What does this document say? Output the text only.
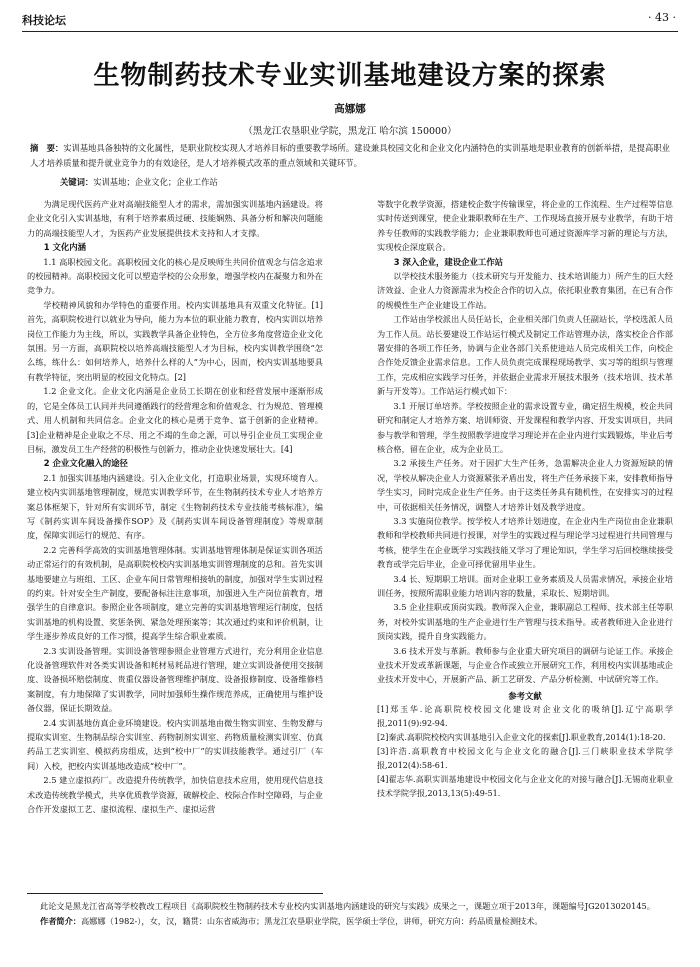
科技论坛	· 43 ·
生物制药技术专业实训基地建设方案的探索
高娜娜
（黑龙江农垦职业学院，黑龙江 哈尔滨 150000）
摘　要：实训基地具备独特的文化属性，是职业院校实现人才培养目标的重要教学场所。建设兼具校园文化和企业文化内涵特色的实训基地是职业教育的创新举措，是提高职业人才培养质量和提升就业竞争力的有效途径，是人才培养模式改革的重点领域和关键环节。
关键词：实训基地；企业文化；企业工作站

为满足现代医药产业对高端技能型人才的需求，需加强实训基地内涵建设。将企业文化引入实训基地，有利于培养素质过硬、技能娴熟、具备分析和解决问题能力的高端技能型人才，为医药产业发展提供技术支持和人才支撑。

1 文化内涵

1.1 高职校园文化。高职校园文化的核心是反映师生共同价值观念与信念追求的校园精神。高职校园文化可以塑造学校的公众形象，增强学校内在凝聚力和外在竞争力。

学校精神风貌和办学特色的重要作用。校内实训基地具有双重文化特征。[1]首先，高职院校进行以就业为导向，能力为本位的职业能力教育，校内实训以培养岗位工作能力为主线，所以，实践教学具备企业特色，全方位多角度营造企业文化氛围。另一方面，高职院校以培养高端技能型人才为目标，校内实训教学围绕“怎么练，练什么：如何培养人，培养什么样的人”为中心，因而，校内实训基地要具有教学特征，突出明显的校园文化特点。[2]

1.2 企业文化。企业文化内涵是企业员工长期在创业和经营发展中逐渐形成的，它是全体员工认同并共同遵循践行的经营理念和价值观念、行为规范、管理模式、用人机制和共同信念。企业文化的核心是勇于竞争、富于创新的企业精神。[3]企业精神是企业取之不尽、用之不竭的生命之源，可以导引企业员工实现企业目标，激发员工生产经营的积极性与创新力，推动企业快速发展壮大。[4]

2 企业文化融入的途径

2.1 加强实训基地内涵建设。引入企业文化，打造职业场景，实现环境育人。建立校内实训基地管理制度，规范实训教学环节，在生物制药技术专业人才培养方案总体框架下，针对所有实训环节，制定《生物制药技术专业技能考核标准》，编写《制药实训车间设备操作SOP》及《制药实训车间设备管理制度》等规章制度，保障实训运行的规范、有序。

2.2 完善科学高效的实训基地管理体制。实训基地管理体制是保证实训各项活动正常运行的有效机制，是高职院校校内实训基地实训管理制度的总和。首先实训基地要建立与班组、工区、企业车间日常管理相接轨的制度，加强对学生实训过程的约束。针对安全生产制度，要配备标注注意事项，加强进入生产岗位前教育，增强学生的自律意识。参照企业各项制度，建立完善的实训基地管理运行制度，包括实训基地的机构设置、奖惩条例、紧急处理预案等；其次通过约束和评价机制，让学生逐步养成良好的工作习惯，提高学生综合职业素质。

2.3 实训设备管理。实训设备管理参照企业管理方式进行，充分利用企业信息化设备管理软件对各类实训设备和耗材易耗品进行管理，建立实训设备使用交接制度、设备损坏赔偿制度、贵重仪器设备管理维护制度、设备报修制度、设备维修档案制度，有力地保障了实训教学，同时加强师生操作规范养成，正确使用与维护设备仪器，保证长期效益。

2.4 实训基地仿真企业环境建设。校内实训基地由微生物实训室、生物发酵与提取实训室、生物制品综合实训室、药物制剂实训室、药物质量检测实训室、仿真药品工艺实训室、模拟药房组成，达到“校中厂”的实训技能教学。通过引厂（车间）入校，把校内实训基地改造成“校中厂”。

2.5 建立虚拟药厂。改造提升传统教学，加快信息技术应用，使用现代信息技术改造传统教学模式，共享优质教学资源，破解校企、校际合作时空障碍，与企业合作开发虚拟工艺、虚拟流程、虚拟生产、虚拟运营

等数字化教学资源，搭建校企数字传输课堂，将企业的工作流程、生产过程等信息实时传送到课堂，使企业兼职教师在生产、工作现场直接开展专业教学，有助于培养专任教师的实践教学能力；企业兼职教师也可通过资源库学习新的理论与方法，实现校企深度联合。

3 深入企业，建设企业工作站

以学校技术服务能力（技术研究与开发能力、技术培训能力）所产生的巨大经济效益、企业人力资源需求为校企合作的切入点，依托职业教育集团，在已有合作的规模性生产企业建设工作站。

工作站由学校派出人员任站长，企业相关部门负责人任副站长，学校选派人员为工作人员。站长要建设工作站运行模式及制定工作站管理办法，落实校企合作部署安排的各项工作任务，协调与企业各部门关系使进站人员完成相关工作，向校企合作处反馈企业需求信息。工作人员负责完成课程现场教学、实习等的组织与管理工作，完成相应实践学习任务，并依据企业需求开展技术服务（技术培训、技术革新与开发等）。工作站运行模式如下：

3.1 开展订单培养。学校按照企业的需求设置专业，确定招生规模，校企共同研究和制定人才培养方案、培训师资、开发课程和教学内容、开发实训项目，共同参与教学和管理，学生按照教学进度学习理论并在企业内进行实践锻炼，毕业后考核合格，留在企业，成为企业员工。

3.2 承接生产任务。对于因扩大生产任务，急需解决企业人力资源短缺的情况，学校从解决企业人力资源紧张矛盾出发，将生产任务承接下来，安排教师指导学生实习，同时完成企业生产任务。由于这类任务具有随机性，在安排实习的过程中，可依据相关任务情况，调整人才培养计划及教学进度。

3.3 实施岗位教学。按学校人才培养计划进度，在企业内生产岗位由企业兼职教师和学校教师共同进行授课，对学生的实践过程与理论学习过程进行共同管理与考核，使学生在企业既学习实践技能又学习了理论知识，学生学习后回校继续接受教育或学完后毕业，企业可择优留用毕业生。

3.4 长、短期职工培训。面对企业职工业务素质及人员需求情况，承接企业培训任务，按照所需职业能力培训内容的数量，采取长、短期培训。

3.5 企业挂职或顶岗实践。教师深入企业，兼职副总工程师、技术部主任等职务，对校外实训基地的生产企业进行生产管理与技术指导。或者教师进入企业进行顶岗实践，提升自身实践能力。

3.6 技术开发与革新。教师参与企业重大研究项目的调研与论证工作。承接企业技术开发或革新课题，与企业合作或独立开展研究工作，利用校内实训基地或企业技术开发中心，开展新产品、新工艺研发、产品分析检测、中试研究等工作。

参考文献

[1]郑玉华.论高职院校校园文化建设对企业文化的吸纳[J].辽宁高职学报,2011(9):92-94.

[2]秦武.高职院校校内实训基地引入企业文化的探索[J].职业教育,2014(1):18-20.

[3]许浩.高职教育中校园文化与企业文化的融合[J].三门峡职业技术学院学报,2012(4):58-61.

[4]翟志华.高职实训基地建设中校园文化与企业文化的对接与融合[J].无锡商业职业技术学院学报,2013,13(5):49-51.

此论文是黑龙江省高等学校教改工程项目《高职院校生物制药技术专业校内实训基地内涵建设的研究与实践》成果之一，课题立项于2013年，课题编号JG2013020145。
作者简介：高娜娜（1982-），女，汉，籍贯：山东省威海市；黑龙江农垦职业学院，医学硕士学位，讲师，研究方向：药品质量检测技术。
